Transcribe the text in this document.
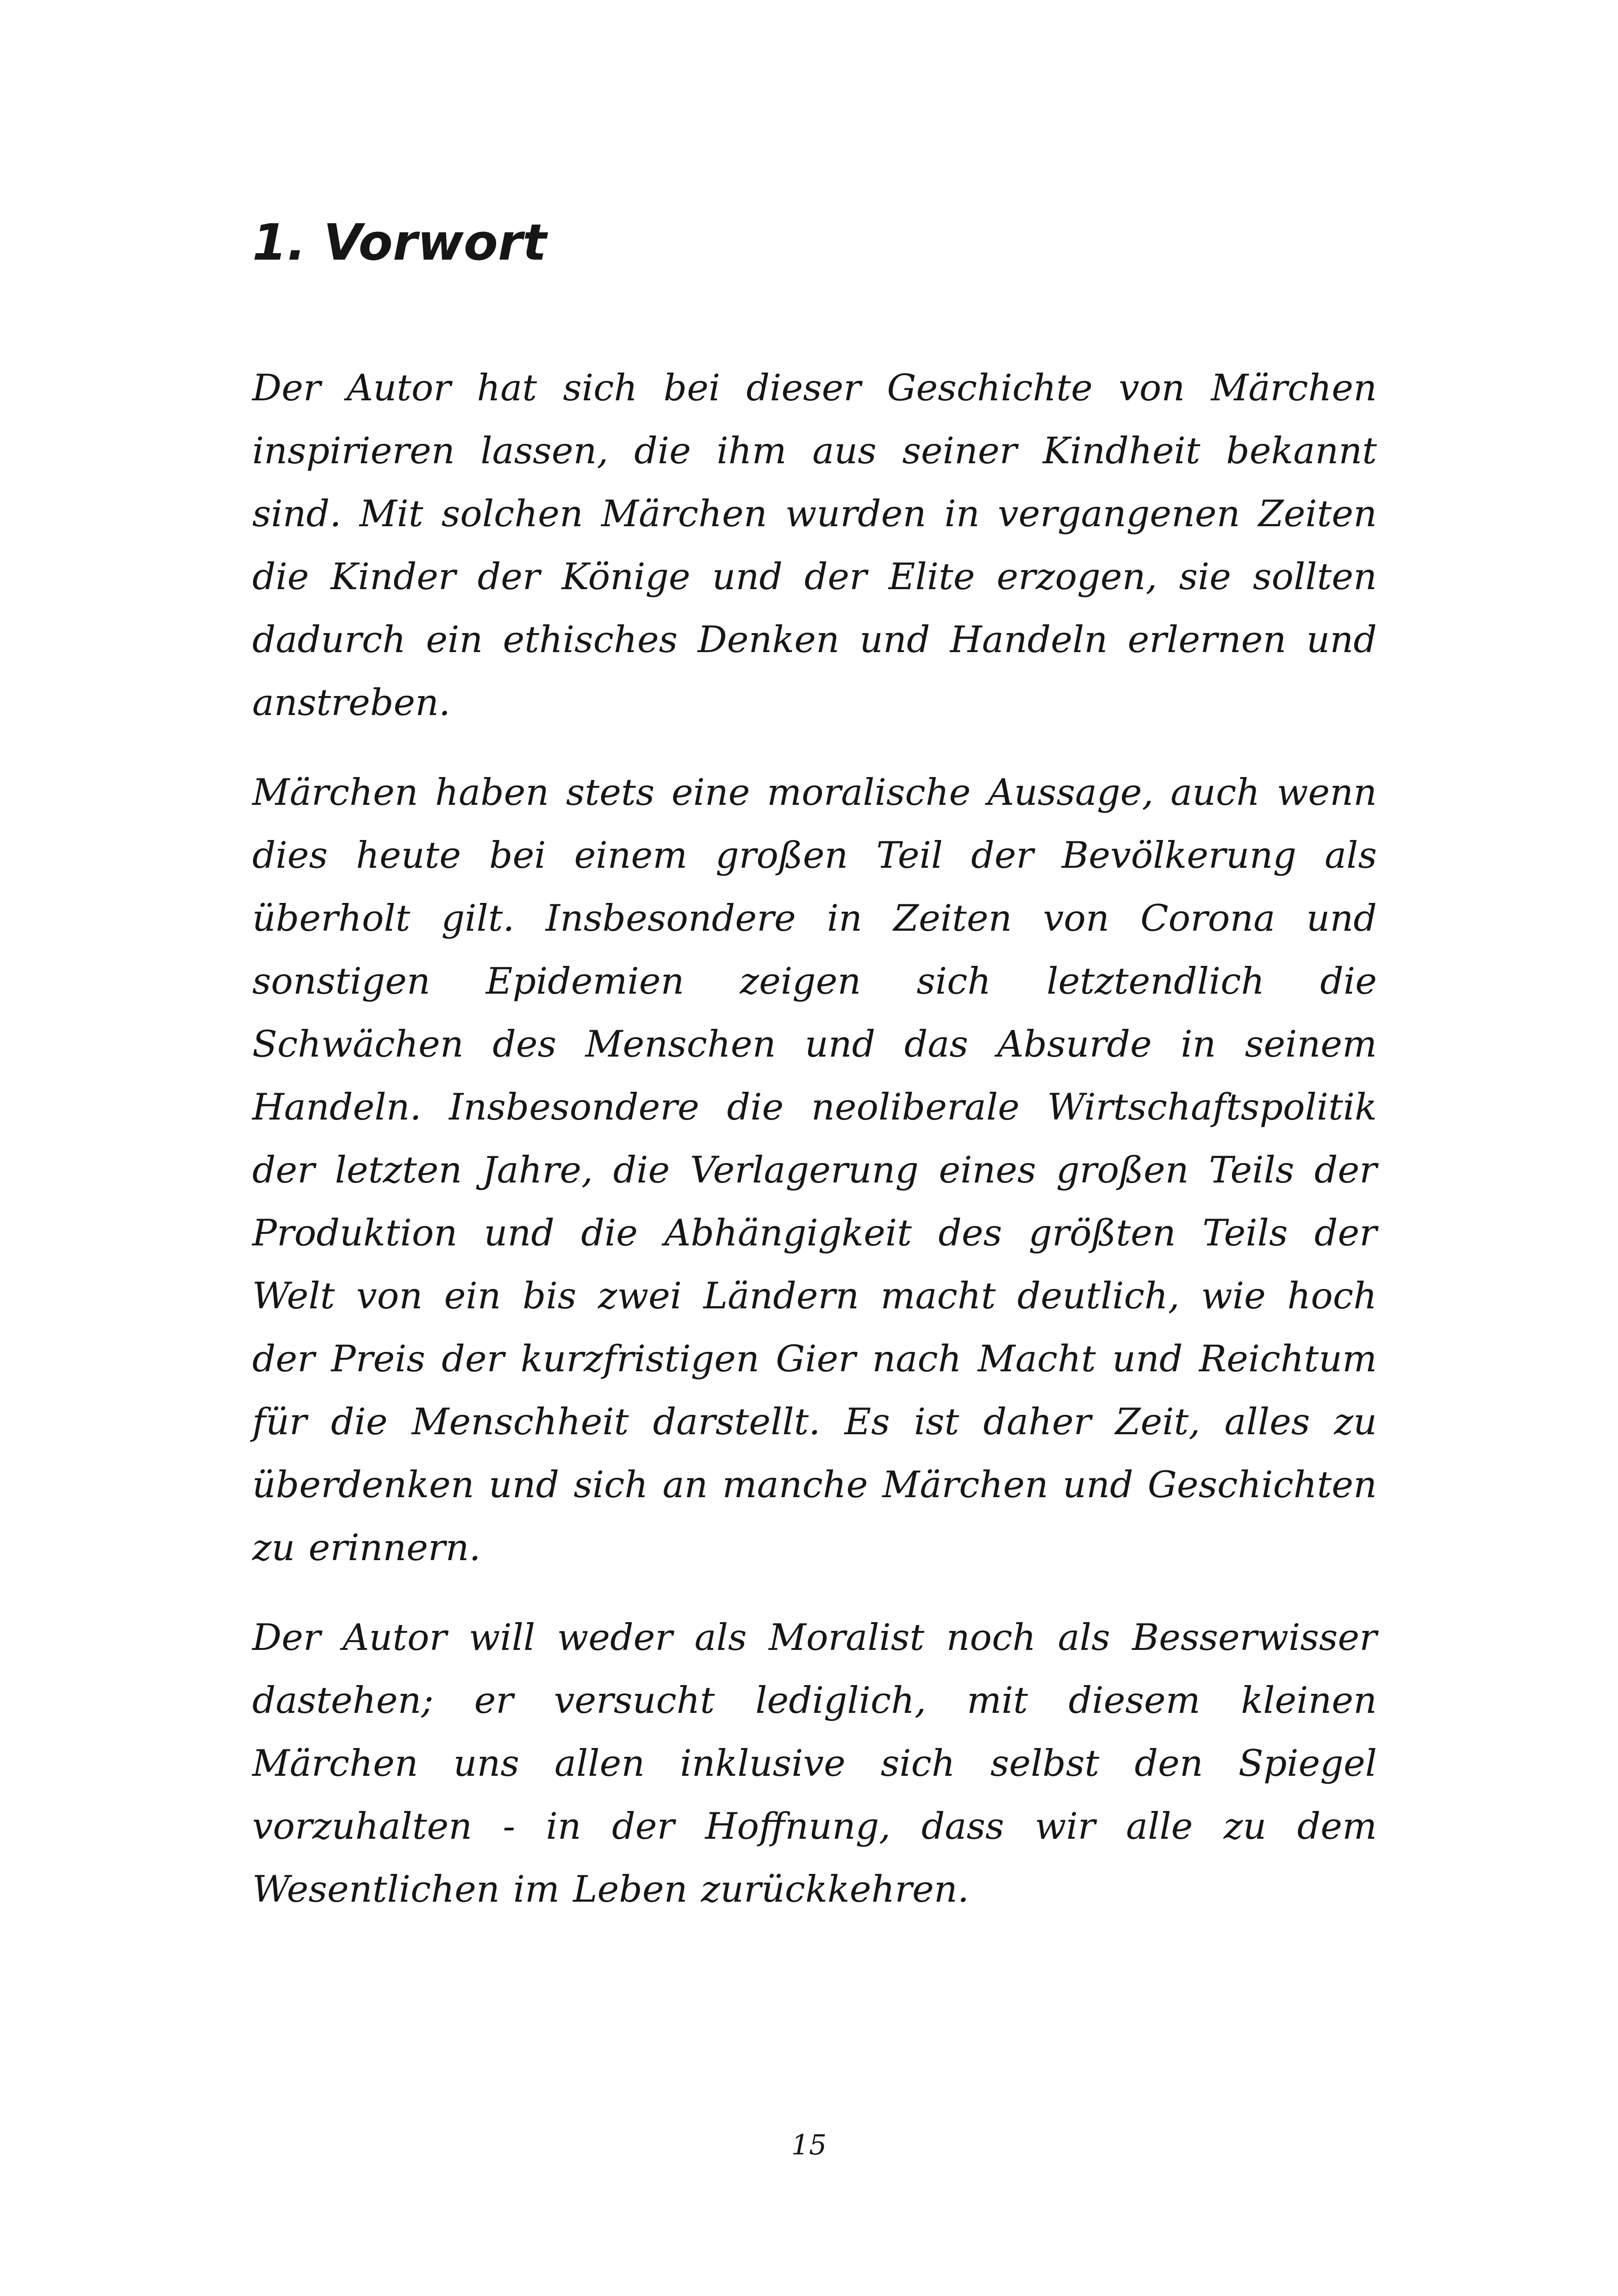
1. Vorwort

Der Autor hat sich bei dieser Geschichte von Märchen inspirieren lassen, die ihm aus seiner Kindheit bekannt sind. Mit solchen Märchen wurden in vergangenen Zeiten die Kinder der Könige und der Elite erzogen, sie sollten dadurch ein ethisches Denken und Handeln erlernen und anstreben.

Märchen haben stets eine moralische Aussage, auch wenn dies heute bei einem großen Teil der Bevölkerung als überholt gilt. Insbesondere in Zeiten von Corona und sonstigen Epidemien zeigen sich letztendlich die Schwächen des Menschen und das Absurde in seinem Handeln. Insbesondere die neoliberale Wirtschaftspolitik der letzten Jahre, die Verlagerung eines großen Teils der Produktion und die Abhängigkeit des größten Teils der Welt von ein bis zwei Ländern macht deutlich, wie hoch der Preis der kurzfristigen Gier nach Macht und Reichtum für die Menschheit darstellt. Es ist daher Zeit, alles zu überdenken und sich an manche Märchen und Geschichten zu erinnern.

Der Autor will weder als Moralist noch als Besserwisser dastehen; er versucht lediglich, mit diesem kleinen Märchen uns allen inklusive sich selbst den Spiegel vorzuhalten - in der Hoffnung, dass wir alle zu dem Wesentlichen im Leben zurückkehren.

15
